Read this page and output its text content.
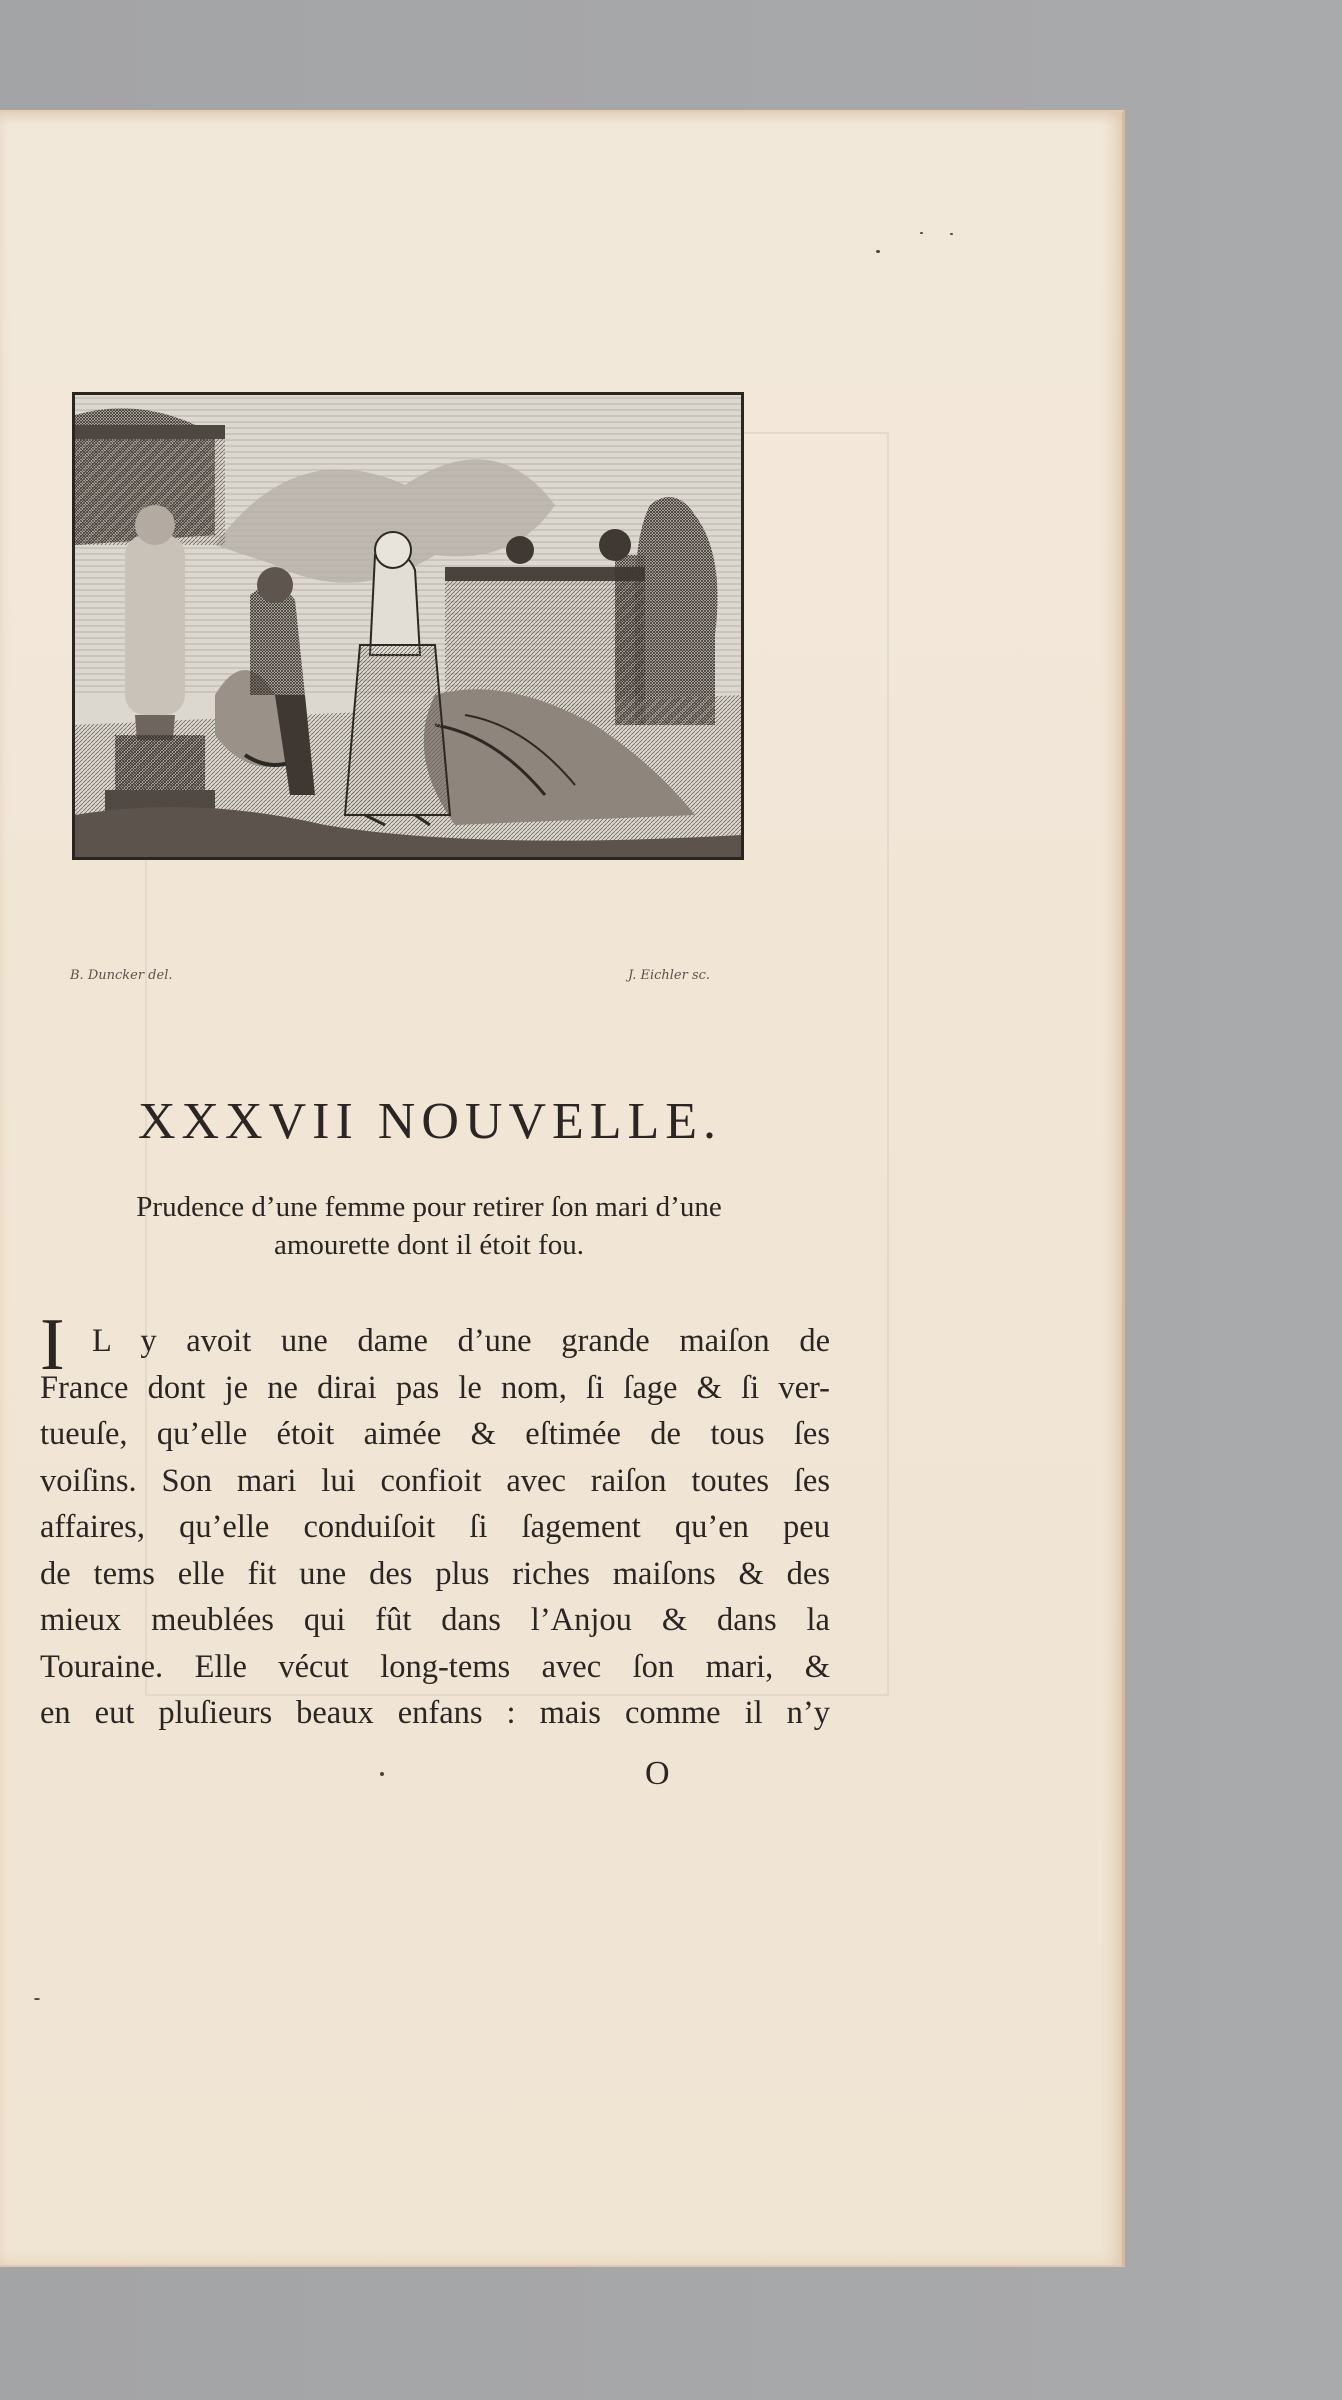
B. Duncker del.	J. Eichler sc.
XXXVII NOUVELLE.
Prudence d’une femme pour retirer ſon mari d’une
amourette dont il étoit fou.
I L y avoit une dame d’une grande maiſon de
France dont je ne dirai pas le nom, ſi ſage & ſi ver-
tueuſe, qu’elle étoit aimée & eſtimée de tous ſes
voiſins. Son mari lui confioit avec raiſon toutes ſes
affaires, qu’elle conduiſoit ſi ſagement qu’en peu
de tems elle fit une des plus riches maiſons & des
mieux meublées qui fût dans l’Anjou & dans la
Touraine. Elle vécut long-tems avec ſon mari, &
en eut pluſieurs beaux enfans : mais comme il n’y
O
